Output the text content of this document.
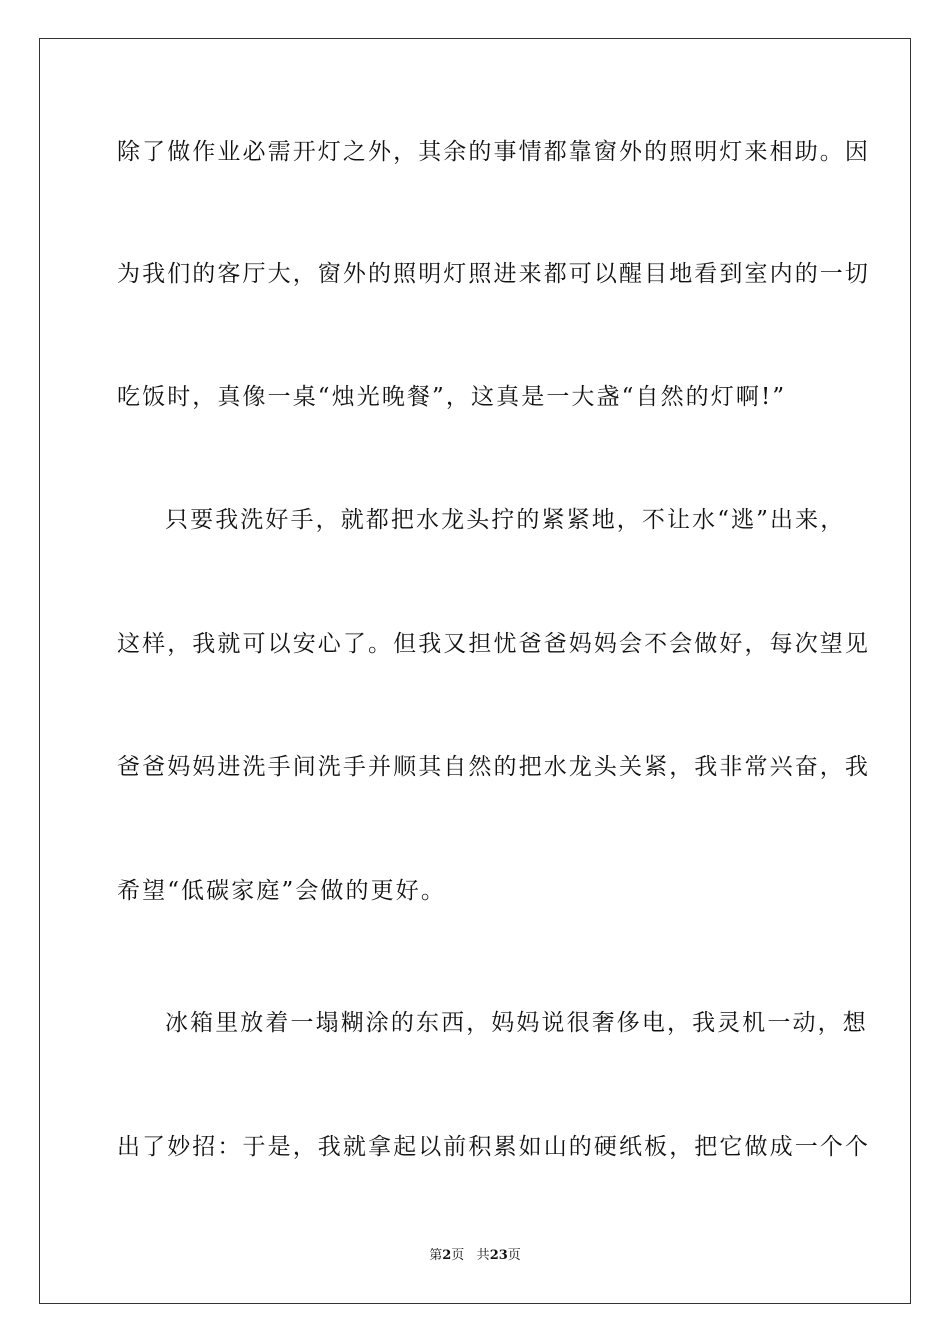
除了做作业必需开灯之外，其余的事情都靠窗外的照明灯来相助。因

为我们的客厅大，窗外的照明灯照进来都可以醒目地看到室内的一切

吃饭时，真像一桌“烛光晚餐”，这真是一大盏“自然的灯啊!”

只要我洗好手，就都把水龙头拧的紧紧地，不让水“逃”出来，

这样，我就可以安心了。但我又担忧爸爸妈妈会不会做好，每次望见

爸爸妈妈进洗手间洗手并顺其自然的把水龙头关紧，我非常兴奋，我

希望“低碳家庭”会做的更好。

冰箱里放着一塌糊涂的东西，妈妈说很奢侈电，我灵机一动，想

出了妙招：于是，我就拿起以前积累如山的硬纸板，把它做成一个个

第2页 共23页
